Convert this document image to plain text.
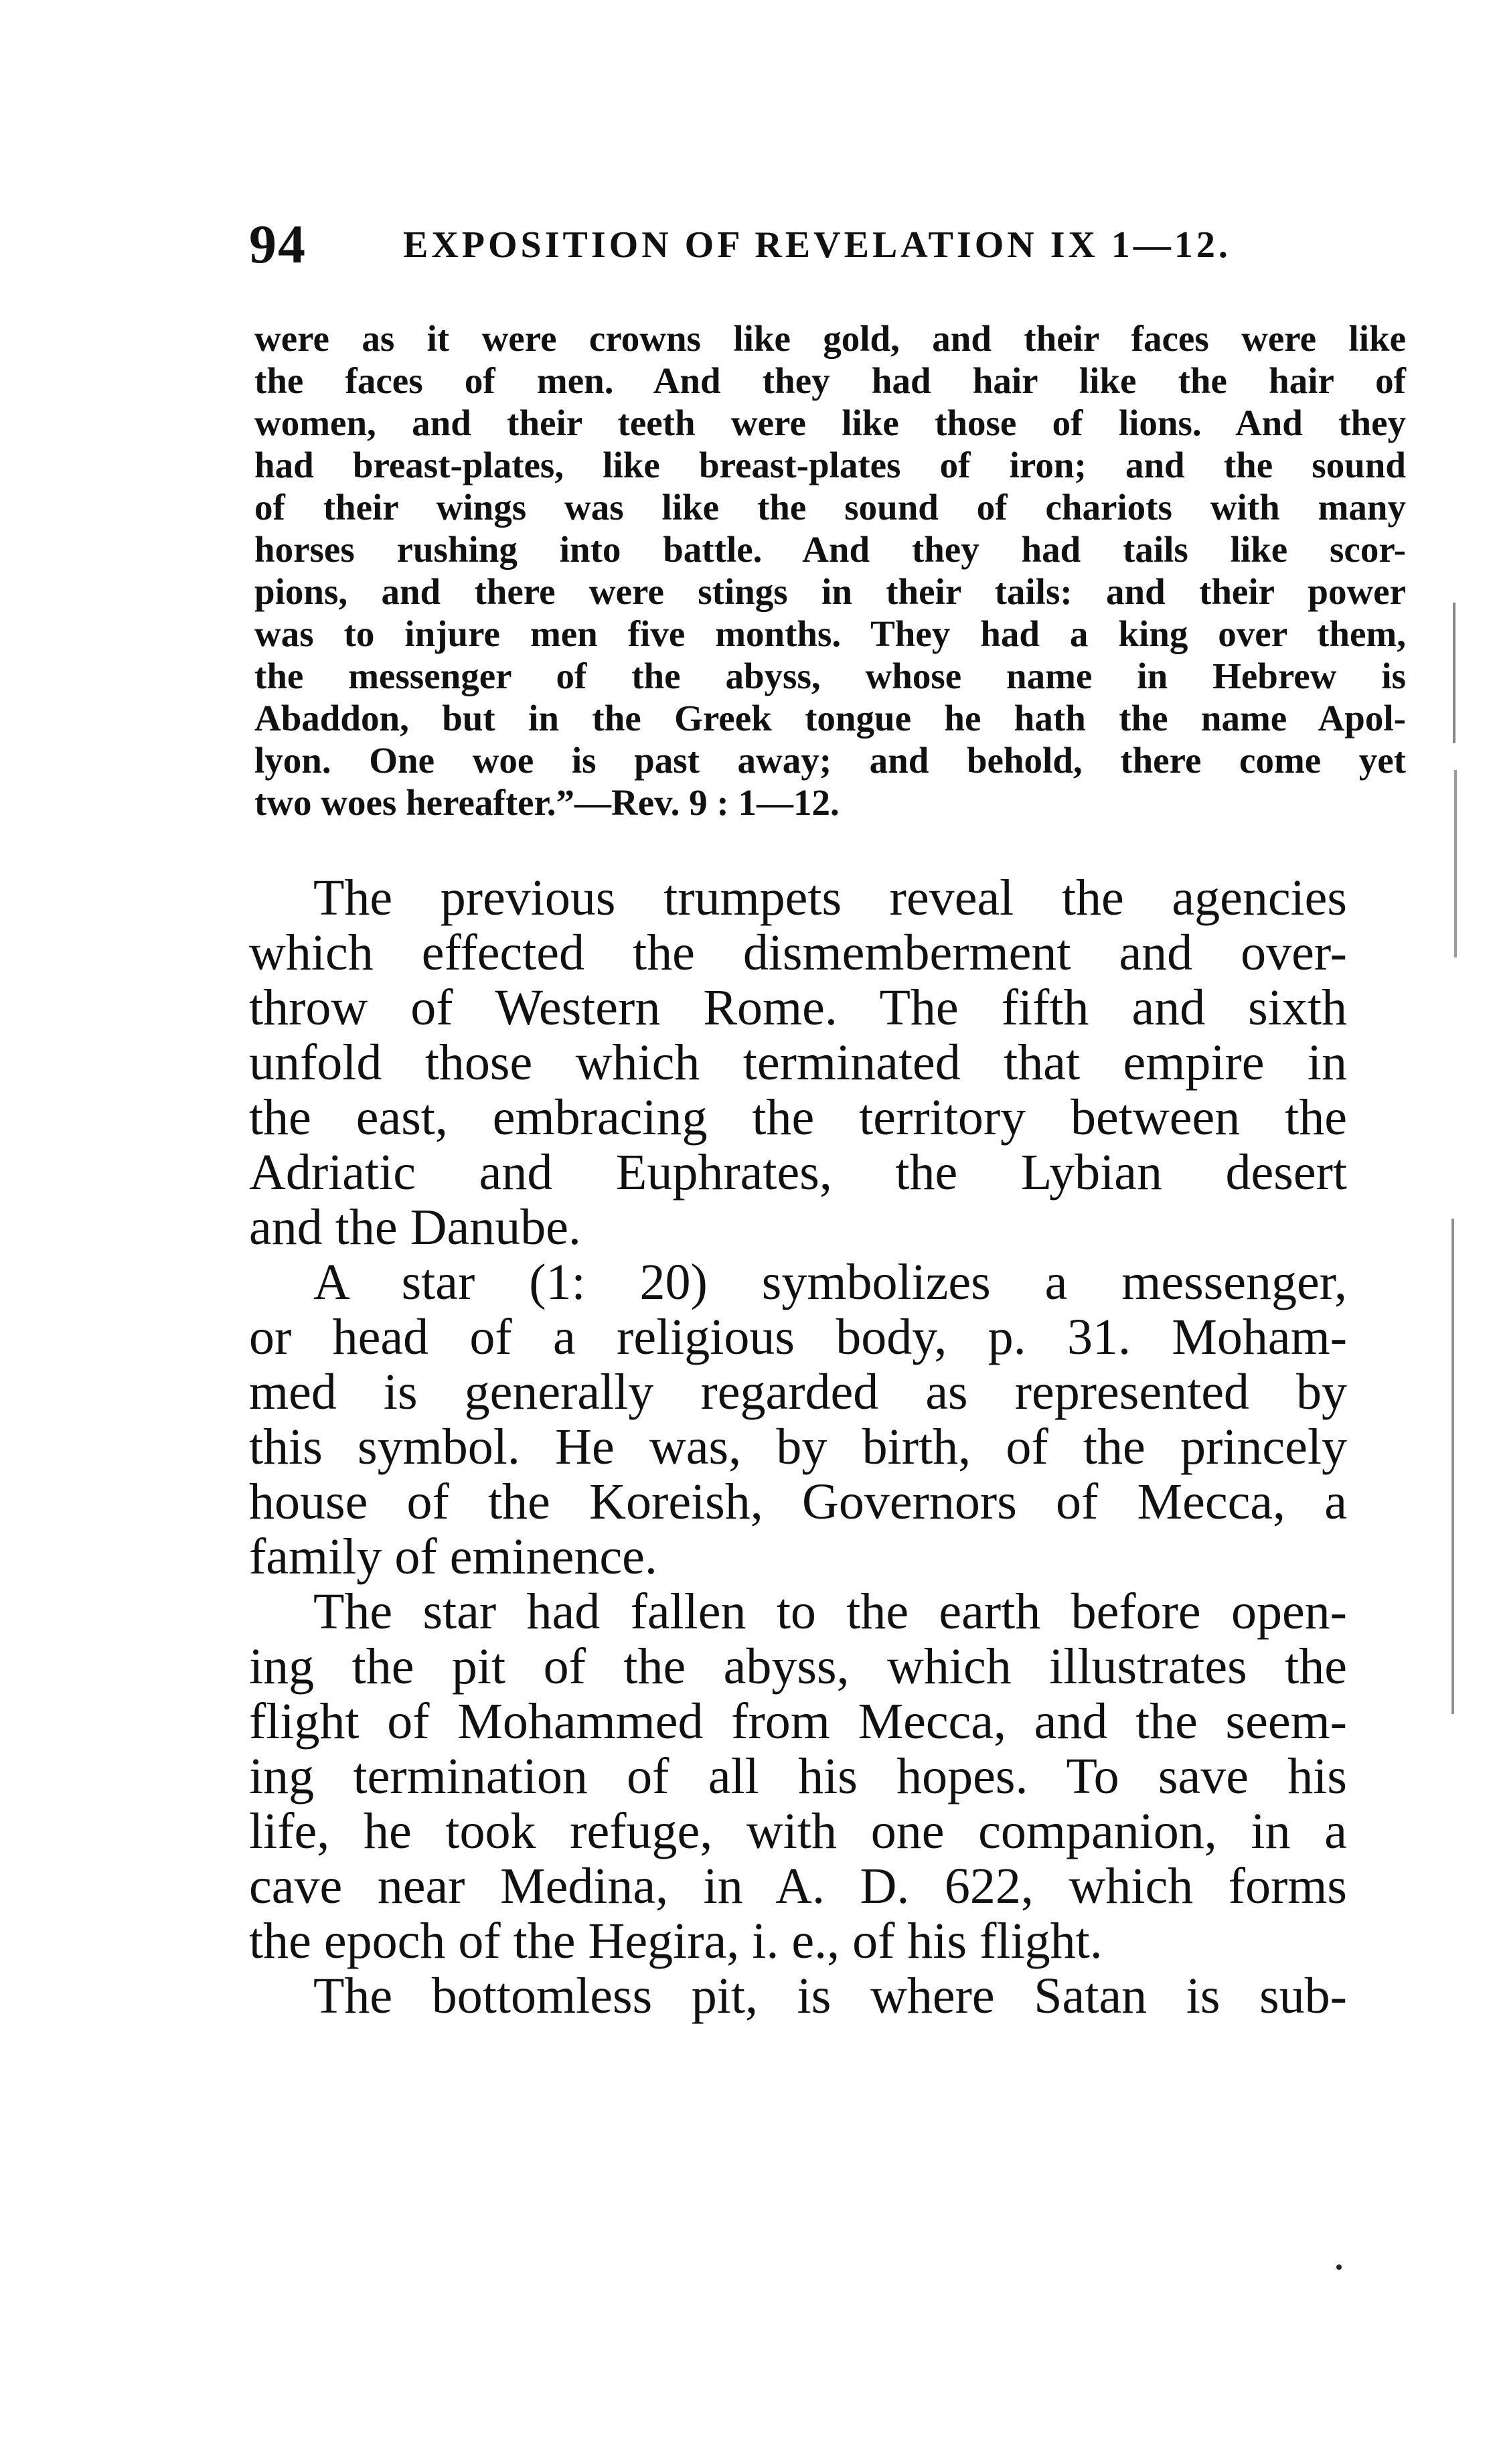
94	EXPOSITION OF REVELATION IX 1—12.
were as it were crowns like gold, and their faces were like
the faces of men. And they had hair like the hair of
women, and their teeth were like those of lions. And they
had breast-plates, like breast-plates of iron; and the sound
of their wings was like the sound of chariots with many
horses rushing into battle. And they had tails like scor-
pions, and there were stings in their tails: and their power
was to injure men five months. They had a king over them,
the messenger of the abyss, whose name in Hebrew is
Abaddon, but in the Greek tongue he hath the name Apol-
lyon. One woe is past away; and behold, there come yet
two woes hereafter.”—Rev. 9 : 1—12.
The previous trumpets reveal the agencies
which effected the dismemberment and over-
throw of Western Rome. The fifth and sixth
unfold those which terminated that empire in
the east, embracing the territory between the
Adriatic and Euphrates, the Lybian desert
and the Danube.
A star (1: 20) symbolizes a messenger,
or head of a religious body, p. 31. Moham-
med is generally regarded as represented by
this symbol. He was, by birth, of the princely
house of the Koreish, Governors of Mecca, a
family of eminence.
The star had fallen to the earth before open-
ing the pit of the abyss, which illustrates the
flight of Mohammed from Mecca, and the seem-
ing termination of all his hopes. To save his
life, he took refuge, with one companion, in a
cave near Medina, in A. D. 622, which forms
the epoch of the Hegira, i. e., of his flight.
The bottomless pit, is where Satan is sub-
